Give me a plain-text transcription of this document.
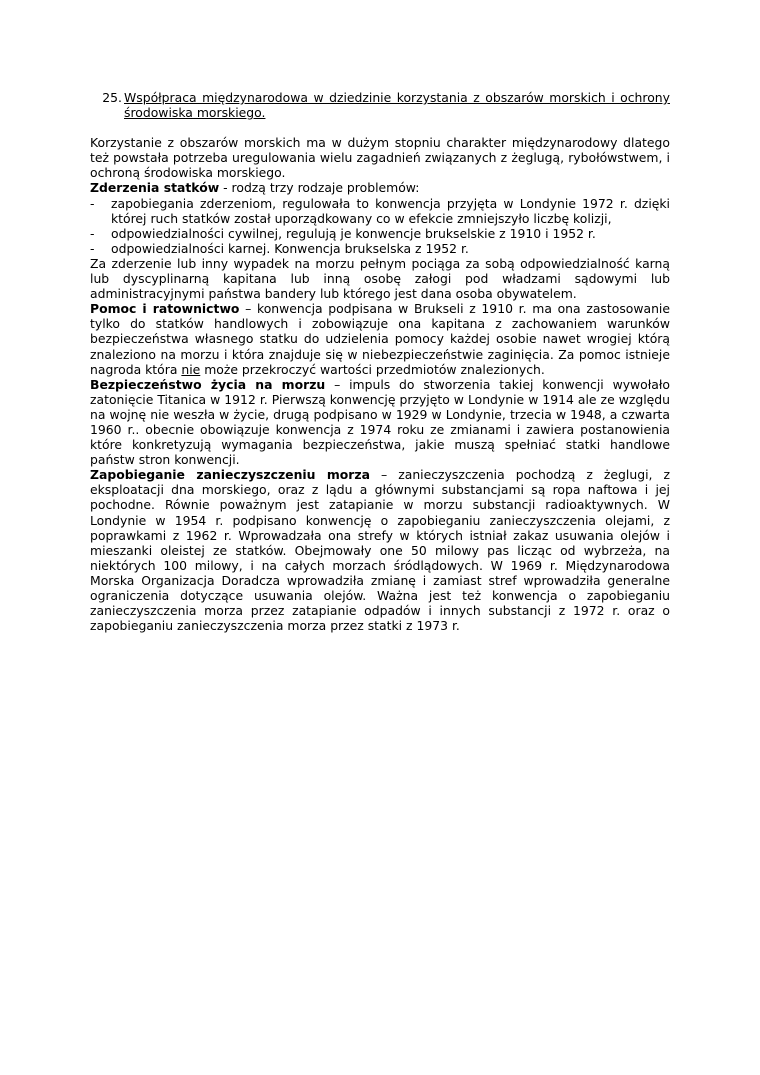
25. Współpraca międzynarodowa w dziedzinie korzystania z obszarów morskich i ochrony środowiska morskiego.

Korzystanie z obszarów morskich ma w dużym stopniu charakter międzynarodowy dlatego też powstała potrzeba uregulowania wielu zagadnień związanych z żeglugą, rybołówstwem, i ochroną środowiska morskiego.

Zderzenia statków - rodzą trzy rodzaje problemów:

- zapobiegania zderzeniom, regulowała to konwencja przyjęta w Londynie 1972 r. dzięki której ruch statków został uporządkowany co w efekcie zmniejszyło liczbę kolizji,
- odpowiedzialności cywilnej, regulują je konwencje brukselskie z 1910 i 1952 r.
- odpowiedzialności karnej. Konwencja brukselska z 1952 r.

Za zderzenie lub inny wypadek na morzu pełnym pociąga za sobą odpowiedzialność karną lub dyscyplinarną kapitana lub inną osobę załogi pod władzami sądowymi lub administracyjnymi państwa bandery lub którego jest dana osoba obywatelem.

Pomoc i ratownictwo – konwencja podpisana w Brukseli z 1910 r. ma ona zastosowanie tylko do statków handlowych i zobowiązuje ona kapitana z zachowaniem warunków bezpieczeństwa własnego statku do udzielenia pomocy każdej osobie nawet wrogiej którą znaleziono na morzu i która znajduje się w niebezpieczeństwie zaginięcia. Za pomoc istnieje nagroda która nie może przekroczyć wartości przedmiotów znalezionych.

Bezpieczeństwo życia na morzu – impuls do stworzenia takiej konwencji wywołało zatonięcie Titanica w 1912 r. Pierwszą konwencję przyjęto w Londynie w 1914 ale ze względu na wojnę nie weszła w życie, drugą podpisano w 1929 w Londynie, trzecia w 1948, a czwarta 1960 r.. obecnie obowiązuje konwencja z 1974 roku ze zmianami i zawiera postanowienia które konkretyzują wymagania bezpieczeństwa, jakie muszą spełniać statki handlowe państw stron konwencji.

Zapobieganie zanieczyszczeniu morza – zanieczyszczenia pochodzą z żeglugi, z eksploatacji dna morskiego, oraz z lądu a głównymi substancjami są ropa naftowa i jej pochodne. Równie poważnym jest zatapianie w morzu substancji radioaktywnych. W Londynie w 1954 r. podpisano konwencję o zapobieganiu zanieczyszczenia olejami, z poprawkami z 1962 r. Wprowadzała ona strefy w których istniał zakaz usuwania olejów i mieszanki oleistej ze statków. Obejmowały one 50 milowy pas licząc od wybrzeża, na niektórych 100 milowy, i na całych morzach śródlądowych. W 1969 r. Międzynarodowa Morska Organizacja Doradcza wprowadziła zmianę i zamiast stref wprowadziła generalne ograniczenia dotyczące usuwania olejów. Ważna jest też konwencja o zapobieganiu zanieczyszczenia morza przez zatapianie odpadów i innych substancji z 1972 r. oraz o zapobieganiu zanieczyszczenia morza przez statki z 1973 r.
